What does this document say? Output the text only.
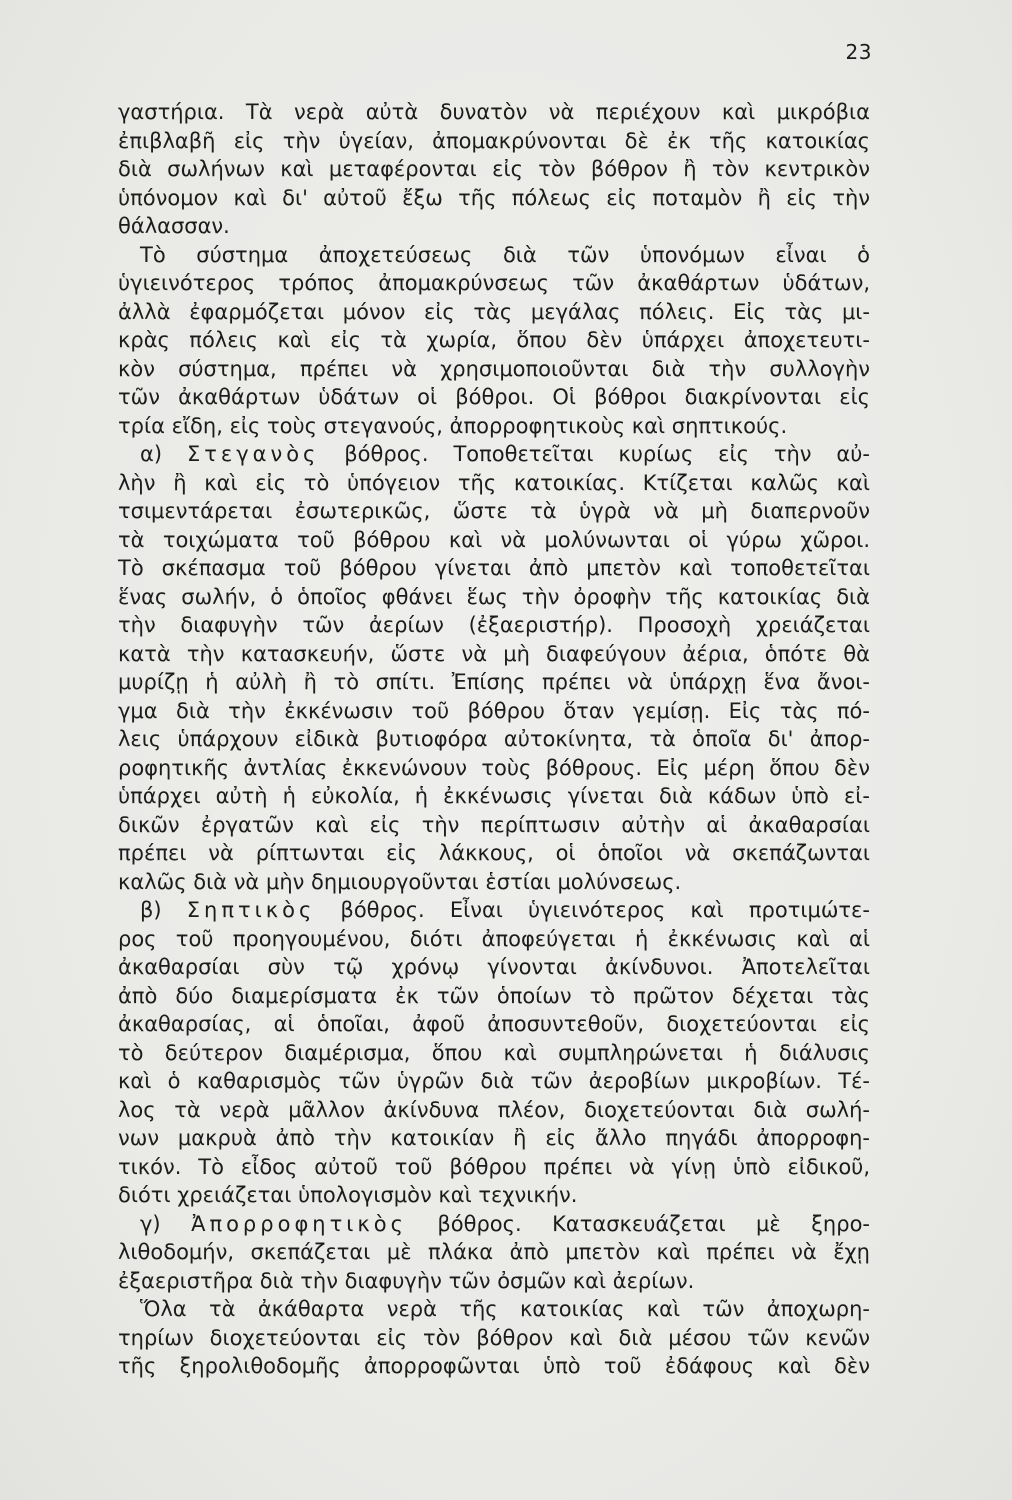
23
γαστήρια. Τὰ νερὰ αὐτὰ δυνατὸν νὰ περιέχουν καὶ μικρόβια
ἐπιβλαβῆ εἰς τὴν ὑγείαν, ἀπομακρύνονται δὲ ἐκ τῆς κατοικίας
διὰ σωλήνων καὶ μεταφέρονται εἰς τὸν βόθρον ἢ τὸν κεντρικὸν
ὑπόνομον καὶ δι' αὐτοῦ ἔξω τῆς πόλεως εἰς ποταμὸν ἢ εἰς τὴν
θάλασσαν.
Τὸ σύστημα ἀποχετεύσεως διὰ τῶν ὑπονόμων εἶναι ὁ
ὑγιεινότερος τρόπος ἀπομακρύνσεως τῶν ἀκαθάρτων ὑδάτων,
ἀλλὰ ἐφαρμόζεται μόνον εἰς τὰς μεγάλας πόλεις. Εἰς τὰς μι-
κρὰς πόλεις καὶ εἰς τὰ χωρία, ὅπου δὲν ὑπάρχει ἀποχετευτι-
κὸν σύστημα, πρέπει νὰ χρησιμοποιοῦνται διὰ τὴν συλλογὴν
τῶν ἀκαθάρτων ὑδάτων οἱ βόθροι. Οἱ βόθροι διακρίνονται εἰς
τρία εἴδη, εἰς τοὺς στεγανούς, ἀπορροφητικοὺς καὶ σηπτικούς.
α) Στεγανὸς βόθρος. Τοποθετεῖται κυρίως εἰς τὴν αὐ-
λὴν ἢ καὶ εἰς τὸ ὑπόγειον τῆς κατοικίας. Κτίζεται καλῶς καὶ
τσιμεντάρεται ἐσωτερικῶς, ὥστε τὰ ὑγρὰ νὰ μὴ διαπερνοῦν
τὰ τοιχώματα τοῦ βόθρου καὶ νὰ μολύνωνται οἱ γύρω χῶροι.
Τὸ σκέπασμα τοῦ βόθρου γίνεται ἀπὸ μπετὸν καὶ τοποθετεῖται
ἕνας σωλήν, ὁ ὁποῖος φθάνει ἕως τὴν ὀροφὴν τῆς κατοικίας διὰ
τὴν διαφυγὴν τῶν ἀερίων (ἐξαεριστήρ). Προσοχὴ χρειάζεται
κατὰ τὴν κατασκευήν, ὥστε νὰ μὴ διαφεύγουν ἀέρια, ὁπότε θὰ
μυρίζῃ ἡ αὐλὴ ἢ τὸ σπίτι. Ἐπίσης πρέπει νὰ ὑπάρχῃ ἕνα ἄνοι-
γμα διὰ τὴν ἐκκένωσιν τοῦ βόθρου ὅταν γεμίσῃ. Εἰς τὰς πό-
λεις ὑπάρχουν εἰδικὰ βυτιοφόρα αὐτοκίνητα, τὰ ὁποῖα δι' ἀπορ-
ροφητικῆς ἀντλίας ἐκκενώνουν τοὺς βόθρους. Εἰς μέρη ὅπου δὲν
ὑπάρχει αὐτὴ ἡ εὐκολία, ἡ ἐκκένωσις γίνεται διὰ κάδων ὑπὸ εἰ-
δικῶν ἐργατῶν καὶ εἰς τὴν περίπτωσιν αὐτὴν αἱ ἀκαθαρσίαι
πρέπει νὰ ρίπτωνται εἰς λάκκους, οἱ ὁποῖοι νὰ σκεπάζωνται
καλῶς διὰ νὰ μὴν δημιουργοῦνται ἑστίαι μολύνσεως.
β) Σηπτικὸς βόθρος. Εἶναι ὑγιεινότερος καὶ προτιμώτε-
ρος τοῦ προηγουμένου, διότι ἀποφεύγεται ἡ ἐκκένωσις καὶ αἱ
ἀκαθαρσίαι σὺν τῷ χρόνῳ γίνονται ἀκίνδυνοι. Ἀποτελεῖται
ἀπὸ δύο διαμερίσματα ἐκ τῶν ὁποίων τὸ πρῶτον δέχεται τὰς
ἀκαθαρσίας, αἱ ὁποῖαι, ἀφοῦ ἀποσυντεθοῦν, διοχετεύονται εἰς
τὸ δεύτερον διαμέρισμα, ὅπου καὶ συμπληρώνεται ἡ διάλυσις
καὶ ὁ καθαρισμὸς τῶν ὑγρῶν διὰ τῶν ἀεροβίων μικροβίων. Τέ-
λος τὰ νερὰ μᾶλλον ἀκίνδυνα πλέον, διοχετεύονται διὰ σωλή-
νων μακρυὰ ἀπὸ τὴν κατοικίαν ἢ εἰς ἄλλο πηγάδι ἀπορροφη-
τικόν. Τὸ εἶδος αὐτοῦ τοῦ βόθρου πρέπει νὰ γίνῃ ὑπὸ εἰδικοῦ,
διότι χρειάζεται ὑπολογισμὸν καὶ τεχνικήν.
γ) Ἀπορροφητικὸς βόθρος. Κατασκευάζεται μὲ ξηρο-
λιθοδομήν, σκεπάζεται μὲ πλάκα ἀπὸ μπετὸν καὶ πρέπει νὰ ἔχῃ
ἐξαεριστῆρα διὰ τὴν διαφυγὴν τῶν ὀσμῶν καὶ ἀερίων.
Ὅλα τὰ ἀκάθαρτα νερὰ τῆς κατοικίας καὶ τῶν ἀποχωρη-
τηρίων διοχετεύονται εἰς τὸν βόθρον καὶ διὰ μέσου τῶν κενῶν
τῆς ξηρολιθοδομῆς ἀπορροφῶνται ὑπὸ τοῦ ἐδάφους καὶ δὲν
